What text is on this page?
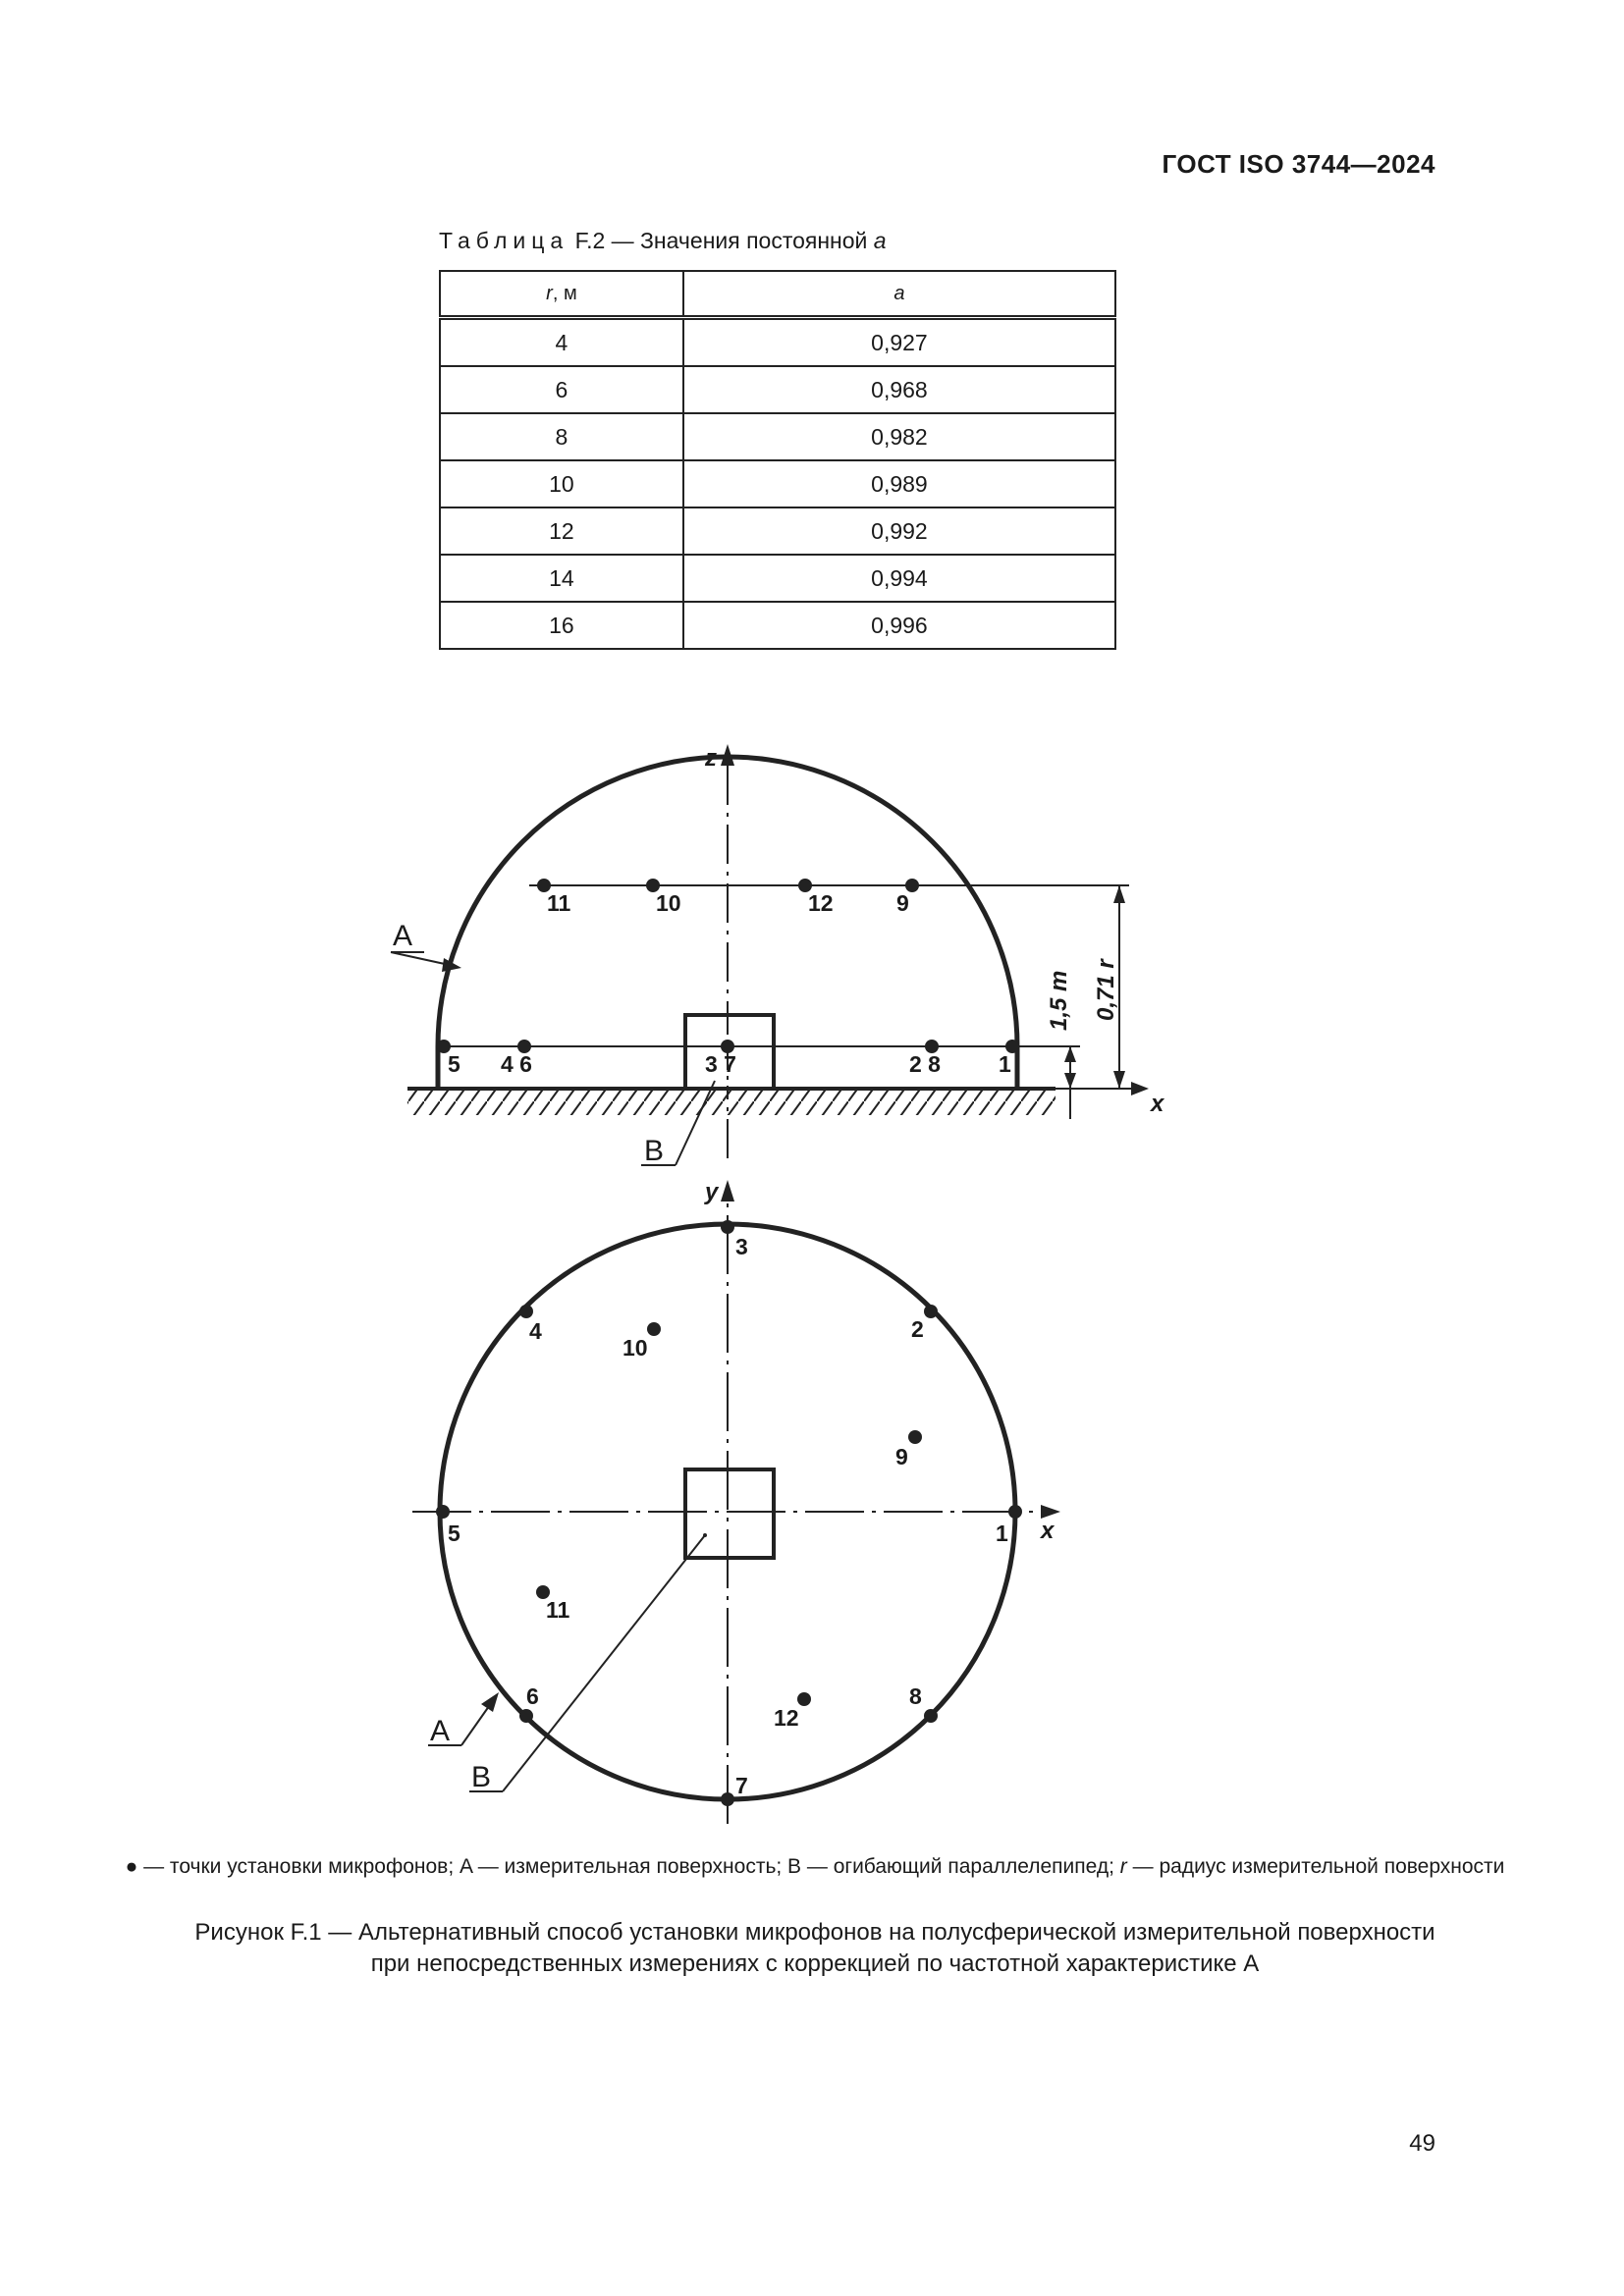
ГОСТ ISO 3744—2024
Таблица F.2 — Значения постоянной a
r, м	a
4	0,927
6	0,968
8	0,982
10	0,989
12	0,992
14	0,994
16	0,996
x
z
1,5 m 0,71 r
11	10	12	9
5 4 6	3 7	2 8	1
A
B
x
y
B
A
1
2
3
4
5
6
7
8
9
10
11
12
● — точки установки микрофонов; A — измерительная поверхность; B — огибающий параллелепипед; r — радиус измерительной поверхности
Рисунок F.1 — Альтернативный способ установки микрофонов на полусферической измерительной поверхности
при непосредственных измерениях с коррекцией по частотной характеристике A
49
